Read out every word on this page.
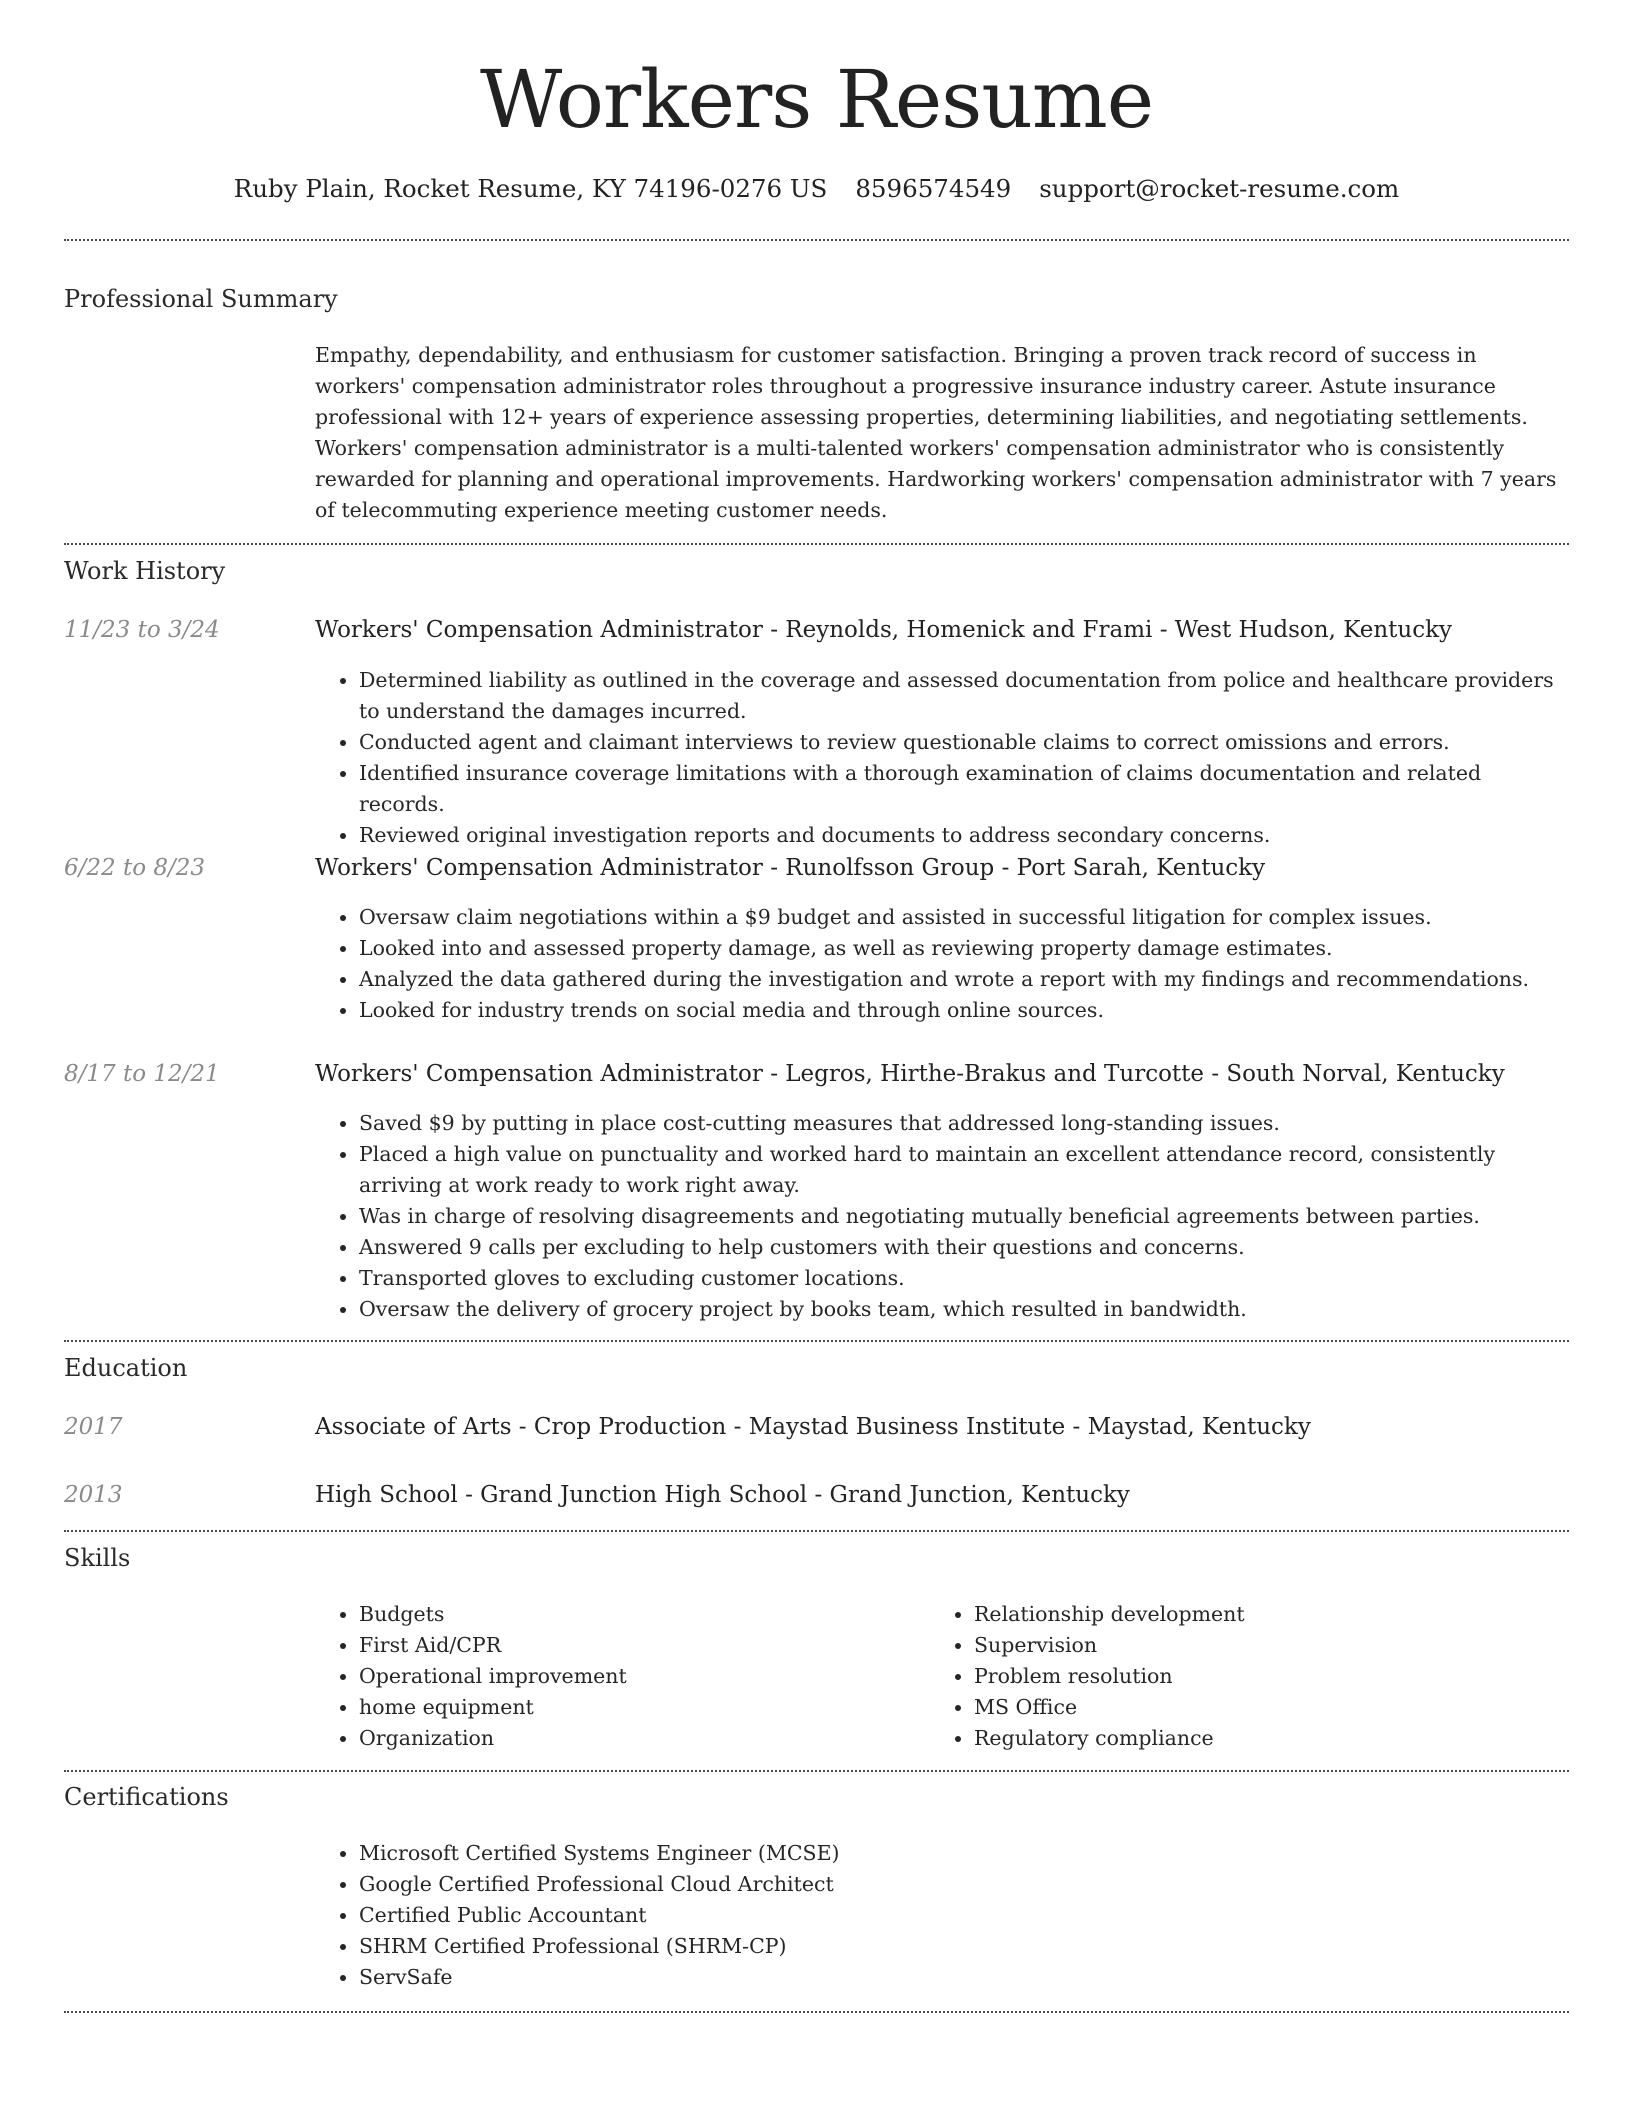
Workers Resume
Ruby Plain, Rocket Resume, KY 74196-0276 US 8596574549 support@rocket-resume.com
Professional Summary

Empathy, dependability, and enthusiasm for customer satisfaction. Bringing a proven track record of success in workers' compensation administrator roles throughout a progressive insurance industry career. Astute insurance professional with 12+ years of experience assessing properties, determining liabilities, and negotiating settlements. Workers' compensation administrator is a multi-talented workers' compensation administrator who is consistently rewarded for planning and operational improvements. Hardworking workers' compensation administrator with 7 years of telecommuting experience meeting customer needs.

Work History
11/23 to 3/24	Workers' Compensation Administrator - Reynolds, Homenick and Frami - West Hudson, Kentucky
• Determined liability as outlined in the coverage and assessed documentation from police and healthcare providers to understand the damages incurred.
• Conducted agent and claimant interviews to review questionable claims to correct omissions and errors.
• Identified insurance coverage limitations with a thorough examination of claims documentation and related records.
• Reviewed original investigation reports and documents to address secondary concerns.
6/22 to 8/23	Workers' Compensation Administrator - Runolfsson Group - Port Sarah, Kentucky
• Oversaw claim negotiations within a $9 budget and assisted in successful litigation for complex issues.
• Looked into and assessed property damage, as well as reviewing property damage estimates.
• Analyzed the data gathered during the investigation and wrote a report with my findings and recommendations.
• Looked for industry trends on social media and through online sources.
8/17 to 12/21	Workers' Compensation Administrator - Legros, Hirthe-Brakus and Turcotte - South Norval, Kentucky
• Saved $9 by putting in place cost-cutting measures that addressed long-standing issues.
• Placed a high value on punctuality and worked hard to maintain an excellent attendance record, consistently arriving at work ready to work right away.
• Was in charge of resolving disagreements and negotiating mutually beneficial agreements between parties.
• Answered 9 calls per excluding to help customers with their questions and concerns.
• Transported gloves to excluding customer locations.
• Oversaw the delivery of grocery project by books team, which resulted in bandwidth.
Education
2017	Associate of Arts - Crop Production - Maystad Business Institute - Maystad, Kentucky
2013	High School - Grand Junction High School - Grand Junction, Kentucky
Skills
• Budgets
• First Aid/CPR
• Operational improvement
• home equipment
• Organization
• Relationship development
• Supervision
• Problem resolution
• MS Office
• Regulatory compliance
Certifications
• Microsoft Certified Systems Engineer (MCSE)
• Google Certified Professional Cloud Architect
• Certified Public Accountant
• SHRM Certified Professional (SHRM-CP)
• ServSafe
